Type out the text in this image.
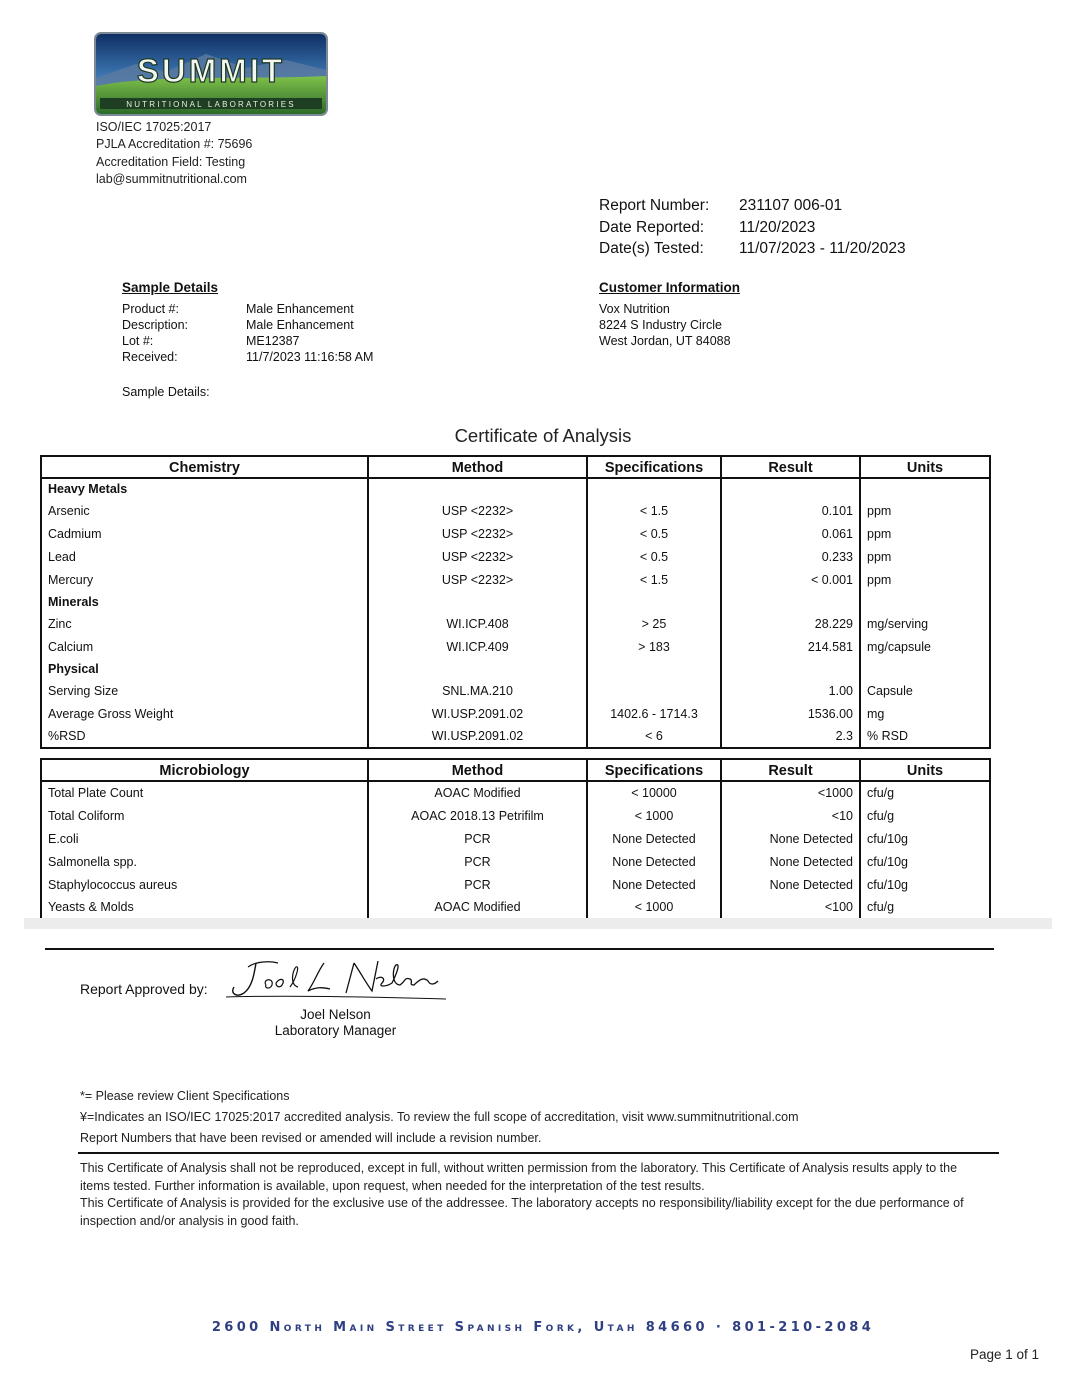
SUMMIT
NUTRITIONAL LABORATORIES
ISO/IEC 17025:2017
PJLA Accreditation #: 75696
Accreditation Field: Testing
lab@summitnutritional.com
Report Number:	231107 006-01
Date Reported:	11/20/2023
Date(s) Tested:	11/07/2023 - 11/20/2023
Sample Details
Product #:	Male Enhancement
Description:	Male Enhancement
Lot #:	ME12387
Received:	11/7/2023 11:16:58 AM
Customer Information
Vox Nutrition
8224 S Industry Circle
West Jordan, UT 84088
Sample Details:
Certificate of Analysis
Chemistry	Method	Specifications	Result	Units
Heavy Metals				
Arsenic	USP <2232>	< 1.5	0.101	ppm
Cadmium	USP <2232>	< 0.5	0.061	ppm
Lead	USP <2232>	< 0.5	0.233	ppm
Mercury	USP <2232>	< 1.5	< 0.001	ppm
Minerals				
Zinc	WI.ICP.408	> 25	28.229	mg/serving
Calcium	WI.ICP.409	> 183	214.581	mg/capsule
Physical				
Serving Size	SNL.MA.210		1.00	Capsule
Average Gross Weight	WI.USP.2091.02	1402.6 - 1714.3	1536.00	mg
%RSD	WI.USP.2091.02	< 6	2.3	% RSD
Microbiology	Method	Specifications	Result	Units
Total Plate Count	AOAC Modified	< 10000	<1000	cfu/g
Total Coliform	AOAC 2018.13 Petrifilm	< 1000	<10	cfu/g
E.coli	PCR	None Detected	None Detected	cfu/10g
Salmonella spp.	PCR	None Detected	None Detected	cfu/10g
Staphylococcus aureus	PCR	None Detected	None Detected	cfu/10g
Yeasts & Molds	AOAC Modified	< 1000	<100	cfu/g
Report Approved by:
Joel Nelson
Laboratory Manager
*= Please review Client Specifications
¥=Indicates an ISO/IEC 17025:2017 accredited analysis. To review the full scope of accreditation, visit www.summitnutritional.com
Report Numbers that have been revised or amended will include a revision number.
This Certificate of Analysis shall not be reproduced, except in full, without written permission from the laboratory. This Certificate of Analysis results apply to the items tested. Further information is available, upon request, when needed for the interpretation of the test results.
This Certificate of Analysis is provided for the exclusive use of the addressee. The laboratory accepts no responsibility/liability except for the due performance of inspection and/or analysis in good faith.
2600 North Main Street Spanish Fork, Utah 84660 · 801-210-2084
Page 1 of 1
